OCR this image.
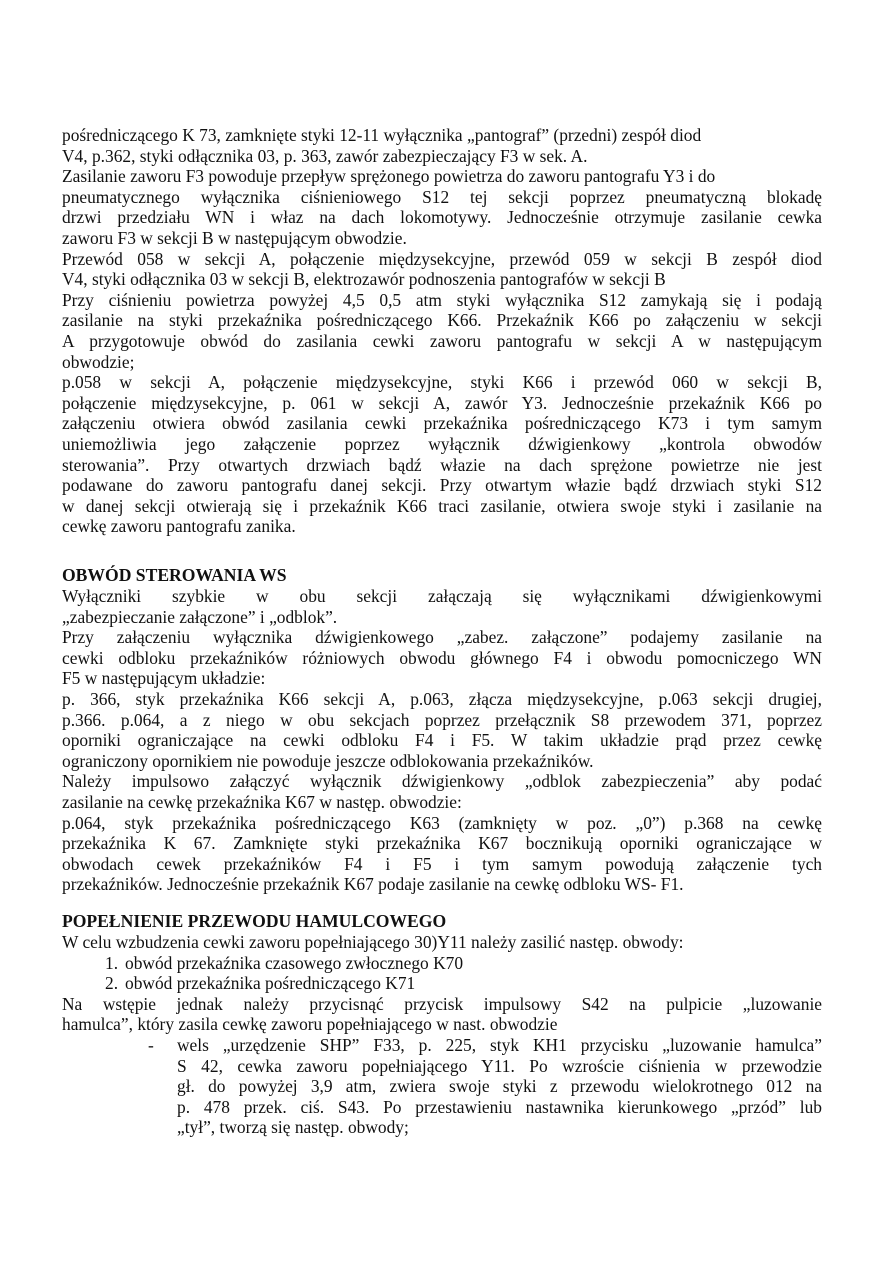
pośredniczącego K 73, zamknięte styki 12-11 wyłącznika „pantograf” (przedni) zespół diod
V4, p.362, styki odłącznika 03, p. 363, zawór zabezpieczający F3 w sek. A.
Zasilanie zaworu F3 powoduje przepływ sprężonego powietrza do zaworu pantografu Y3 i do
pneumatycznego wyłącznika ciśnieniowego S12 tej sekcji poprzez pneumatyczną blokadę
drzwi przedziału WN i właz na dach lokomotywy. Jednocześnie otrzymuje zasilanie cewka
zaworu F3 w sekcji B w następującym obwodzie.
Przewód 058 w sekcji A, połączenie międzysekcyjne, przewód 059 w sekcji B zespół diod
V4, styki odłącznika 03 w sekcji B, elektrozawór podnoszenia pantografów w sekcji B
Przy ciśnieniu powietrza powyżej 4,5 0,5 atm styki wyłącznika S12 zamykają się i podają
zasilanie na styki przekaźnika pośredniczącego K66. Przekaźnik K66 po załączeniu w sekcji
A przygotowuje obwód do zasilania cewki zaworu pantografu w sekcji A w następującym
obwodzie;
p.058 w sekcji A, połączenie międzysekcyjne, styki K66 i przewód 060 w sekcji B,
połączenie międzysekcyjne, p. 061 w sekcji A, zawór Y3. Jednocześnie przekaźnik K66 po
załączeniu otwiera obwód zasilania cewki przekaźnika pośredniczącego K73 i tym samym
uniemożliwia jego załączenie poprzez wyłącznik dźwigienkowy „kontrola obwodów
sterowania”. Przy otwartych drzwiach bądź włazie na dach sprężone powietrze nie jest
podawane do zaworu pantografu danej sekcji. Przy otwartym włazie bądź drzwiach styki S12
w danej sekcji otwierają się i przekaźnik K66 traci zasilanie, otwiera swoje styki i zasilanie na
cewkę zaworu pantografu zanika.
OBWÓD STEROWANIA WS
Wyłączniki szybkie w obu sekcji załączają się wyłącznikami dźwigienkowymi
„zabezpieczanie załączone” i „odblok”.
Przy załączeniu wyłącznika dźwigienkowego „zabez. załączone” podajemy zasilanie na
cewki odbloku przekaźników różniowych obwodu głównego F4 i obwodu pomocniczego WN
F5 w następującym układzie:
p. 366, styk przekaźnika K66 sekcji A, p.063, złącza międzysekcyjne, p.063 sekcji drugiej,
p.366. p.064, a z niego w obu sekcjach poprzez przełącznik S8 przewodem 371, poprzez
oporniki ograniczające na cewki odbloku F4 i F5. W takim układzie prąd przez cewkę
ograniczony opornikiem nie powoduje jeszcze odblokowania przekaźników.
Należy impulsowo załączyć wyłącznik dźwigienkowy „odblok zabezpieczenia” aby podać
zasilanie na cewkę przekaźnika K67 w następ. obwodzie:
p.064, styk przekaźnika pośredniczącego K63 (zamknięty w poz. „0”) p.368 na cewkę
przekaźnika K 67. Zamknięte styki przekaźnika K67 bocznikują oporniki ograniczające w
obwodach cewek przekaźników F4 i F5 i tym samym powodują załączenie tych
przekaźników. Jednocześnie przekaźnik K67 podaje zasilanie na cewkę odbloku WS- F1.
POPEŁNIENIE PRZEWODU HAMULCOWEGO
W celu wzbudzenia cewki zaworu popełniającego 30)Y11 należy zasilić następ. obwody:
1. obwód przekaźnika czasowego zwłocznego K70
2. obwód przekaźnika pośredniczącego K71
Na wstępie jednak należy przycisnąć przycisk impulsowy S42 na pulpicie „luzowanie
hamulca”, który zasila cewkę zaworu popełniającego w nast. obwodzie
-	wels „urzędzenie SHP” F33, p. 225, styk KH1 przycisku „luzowanie hamulca”
S 42, cewka zaworu popełniającego Y11. Po wzroście ciśnienia w przewodzie
gł. do powyżej 3,9 atm, zwiera swoje styki z przewodu wielokrotnego 012 na
p. 478 przek. ciś. S43. Po przestawieniu nastawnika kierunkowego „przód” lub
„tył”, tworzą się następ. obwody;
